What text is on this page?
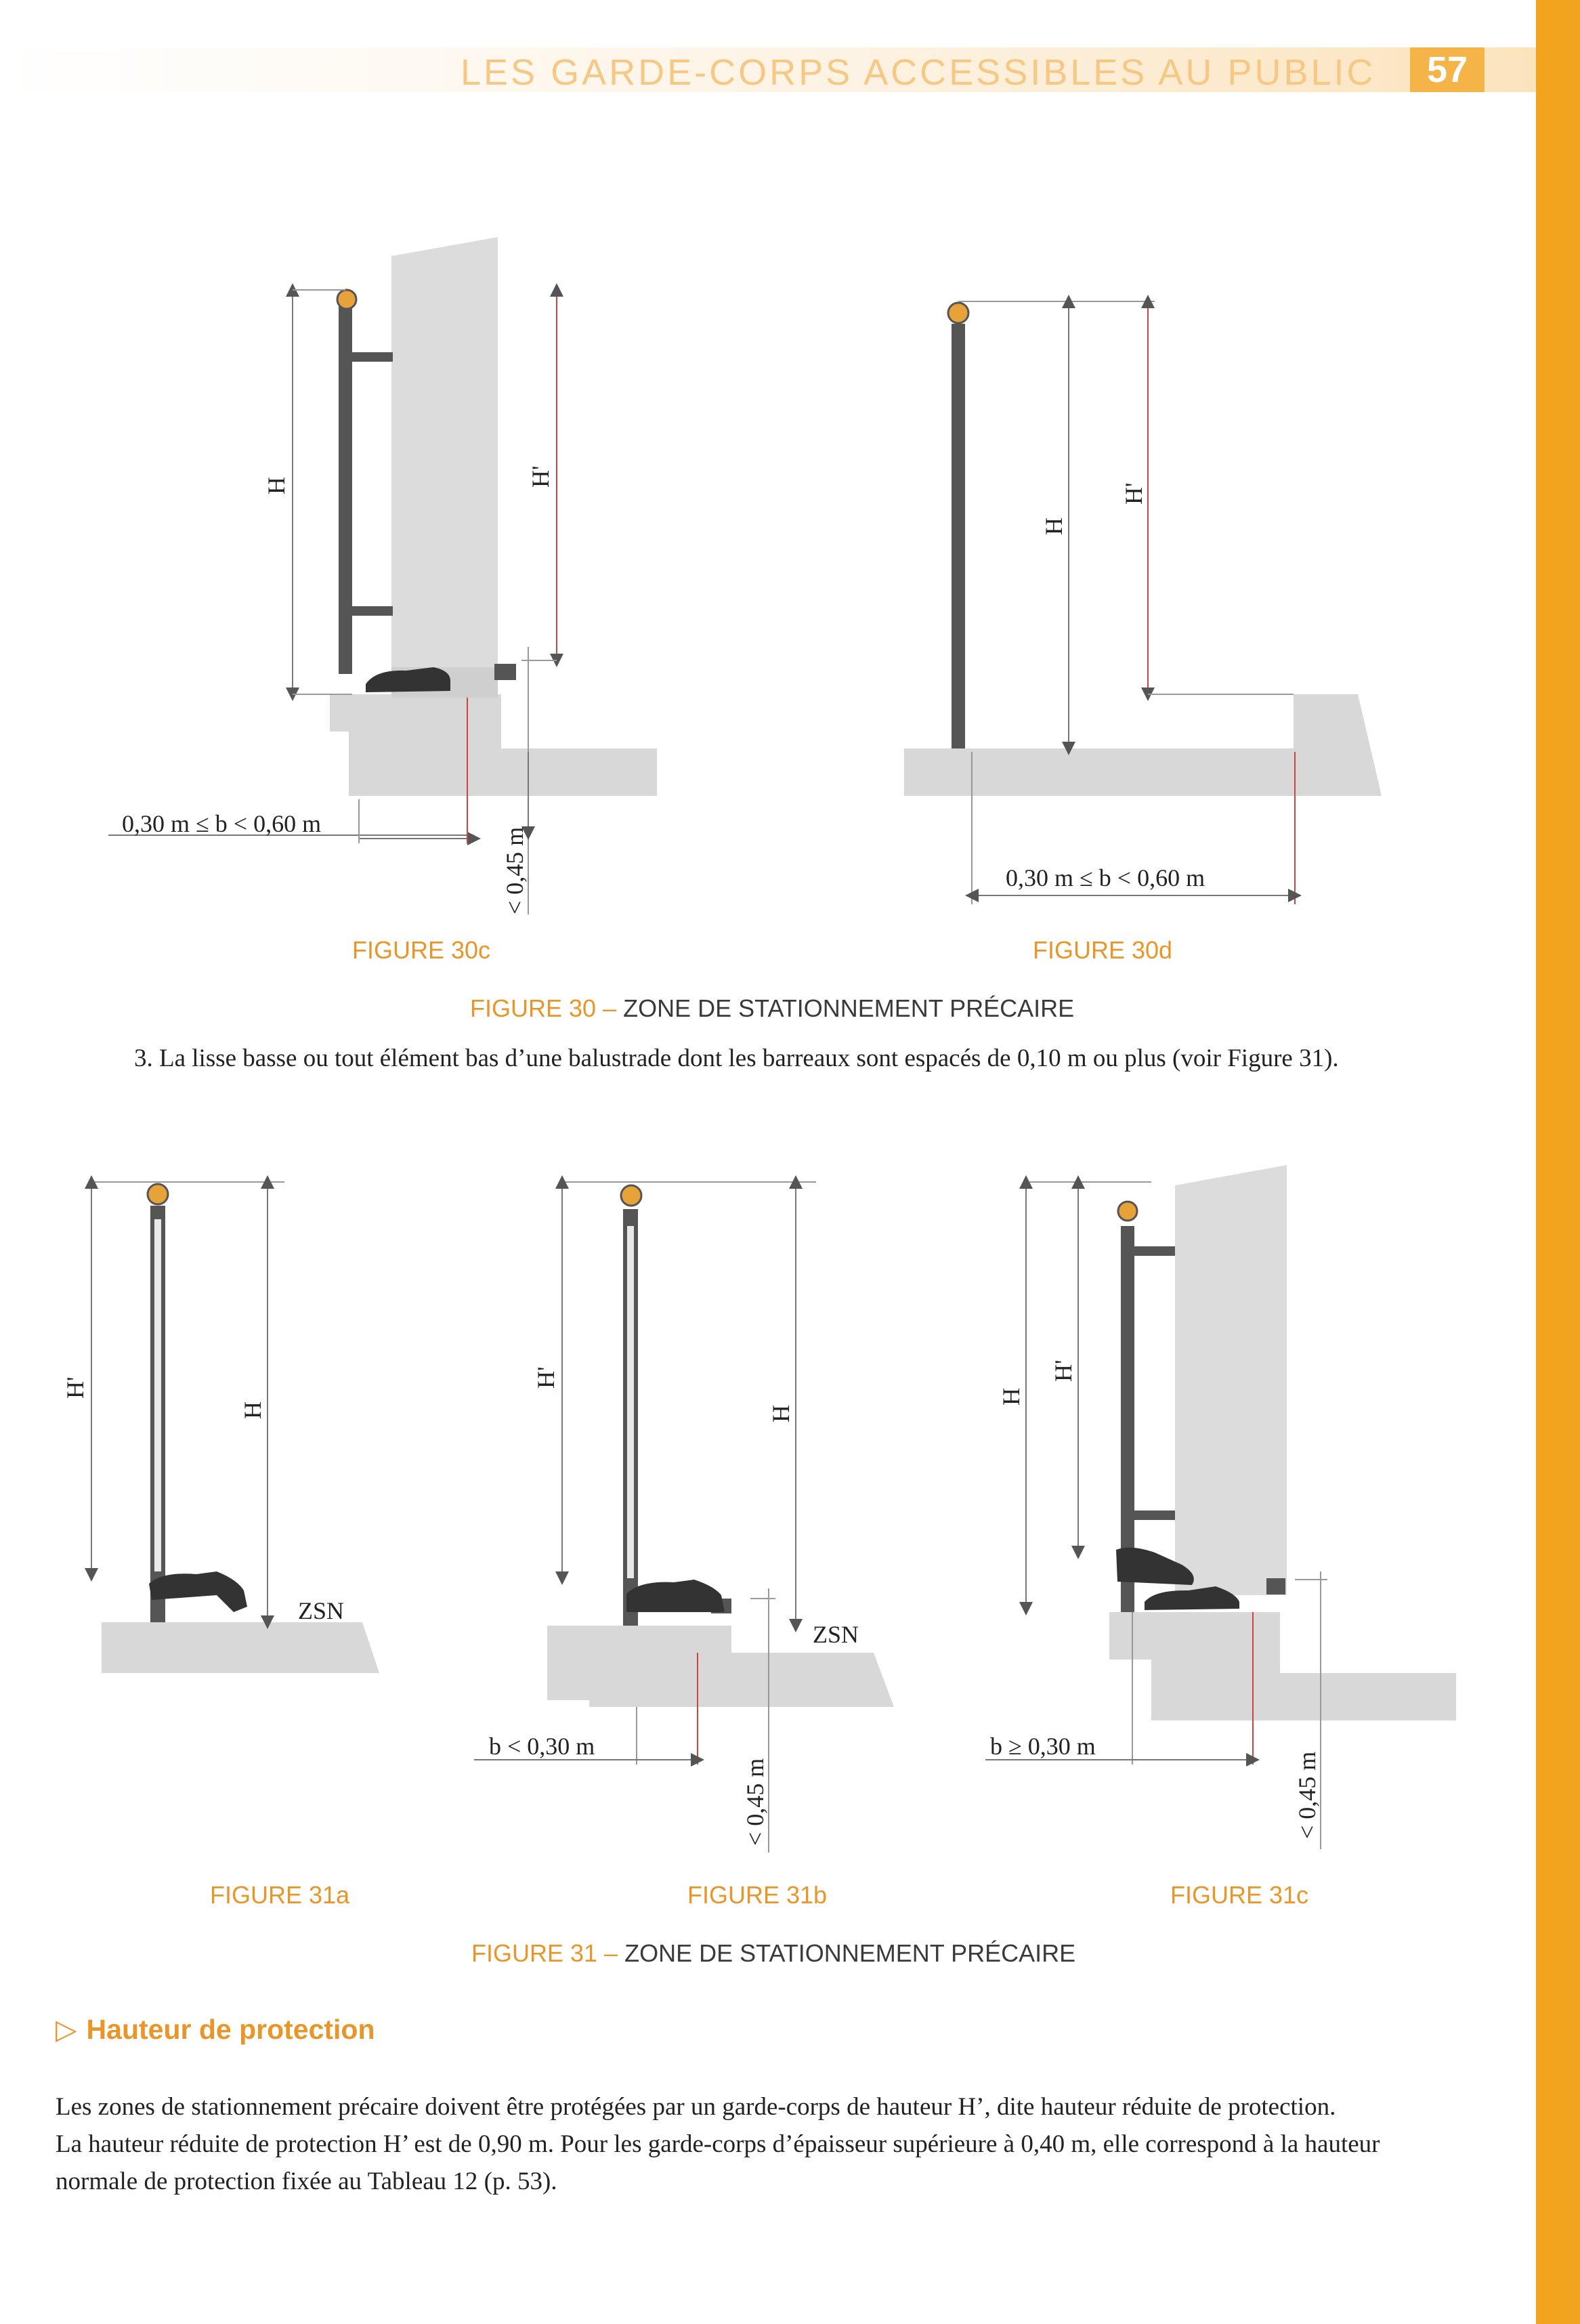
LES GARDE-CORPS ACCESSIBLES AU PUBLIC	57
H	H'
0,30 m ≤ b < 0,60 m
< 0,45 m
H
H'
0,30 m ≤ b < 0,60 m
FIGURE 30c	FIGURE 30d
FIGURE 30 – ZONE DE STATIONNEMENT PRÉCAIRE
3. La lisse basse ou tout élément bas d’une balustrade dont les barreaux sont espacés de 0,10 m ou plus (voir Figure 31).
H'
H
ZSN
H'
H
ZSN
b < 0,30 m
< 0,45 m
H
H'
b ≥ 0,30 m
< 0,45 m
FIGURE 31a	FIGURE 31b	FIGURE 31c
FIGURE 31 – ZONE DE STATIONNEMENT PRÉCAIRE
▷ Hauteur de protection
Les zones de stationnement précaire doivent être protégées par un garde-corps de hauteur H’, dite hauteur réduite de protection.
La hauteur réduite de protection H’ est de 0,90 m. Pour les garde-corps d’épaisseur supérieure à 0,40 m, elle correspond à la hauteur
normale de protection fixée au Tableau 12 (p. 53).
